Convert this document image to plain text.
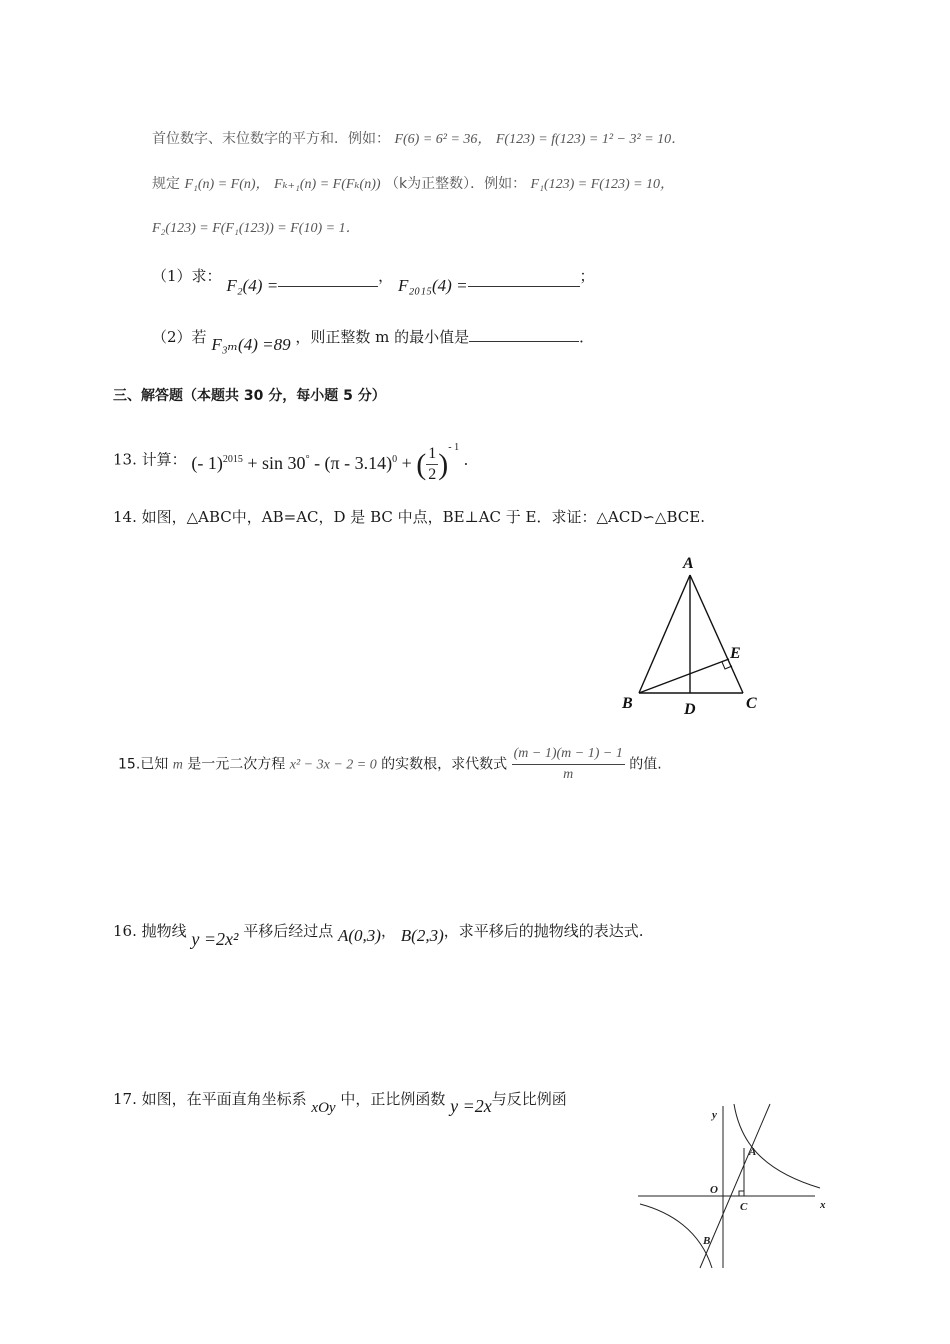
首位数字、末位数字的平方和．例如： F(6) = 6² = 36， F(123) = f(123) = 1² − 3² = 10．
规定 F₁(n) = F(n)， Fₖ₊₁(n) = F(Fₖ(n)) （k为正整数）．例如： F₁(123) = F(123) = 10，
F₂(123) = F(F₁(123)) = F(10) = 1．
（1）求： F₂(4) =	， F₂₀₁₅(4) =	；
（2）若 F₃ₘ(4) =89 ，则正整数 m 的最小值是	．
三、解答题（本题共 30 分，每小题 5 分）
13. 计算： (- 1)$^{2015}$ + sin 30° - (π - 3.14)$^0$ + ( $\frac{1}{2} )^{- 1}$ ．
14. 如图，△ABC中，AB=AC，D 是 BC 中点，BE⊥AC 于 E．求证：△ACD∽△BCE.
A
B	C
D
E
15.已知 m 是一元二次方程 x² − 3x − 2 = 0 的实数根，求代数式 $\frac{(m - 1)(m - 1) - 1}{m}$ 的值.
16. 抛物线 y =2x² 平移后经过点 A(0,3)， B(2,3)，求平移后的抛物线的表达式.
17. 如图，在平面直角坐标系 xOy 中，正比例函数 y =2x与反比例函
x
y
O
A
C
B
